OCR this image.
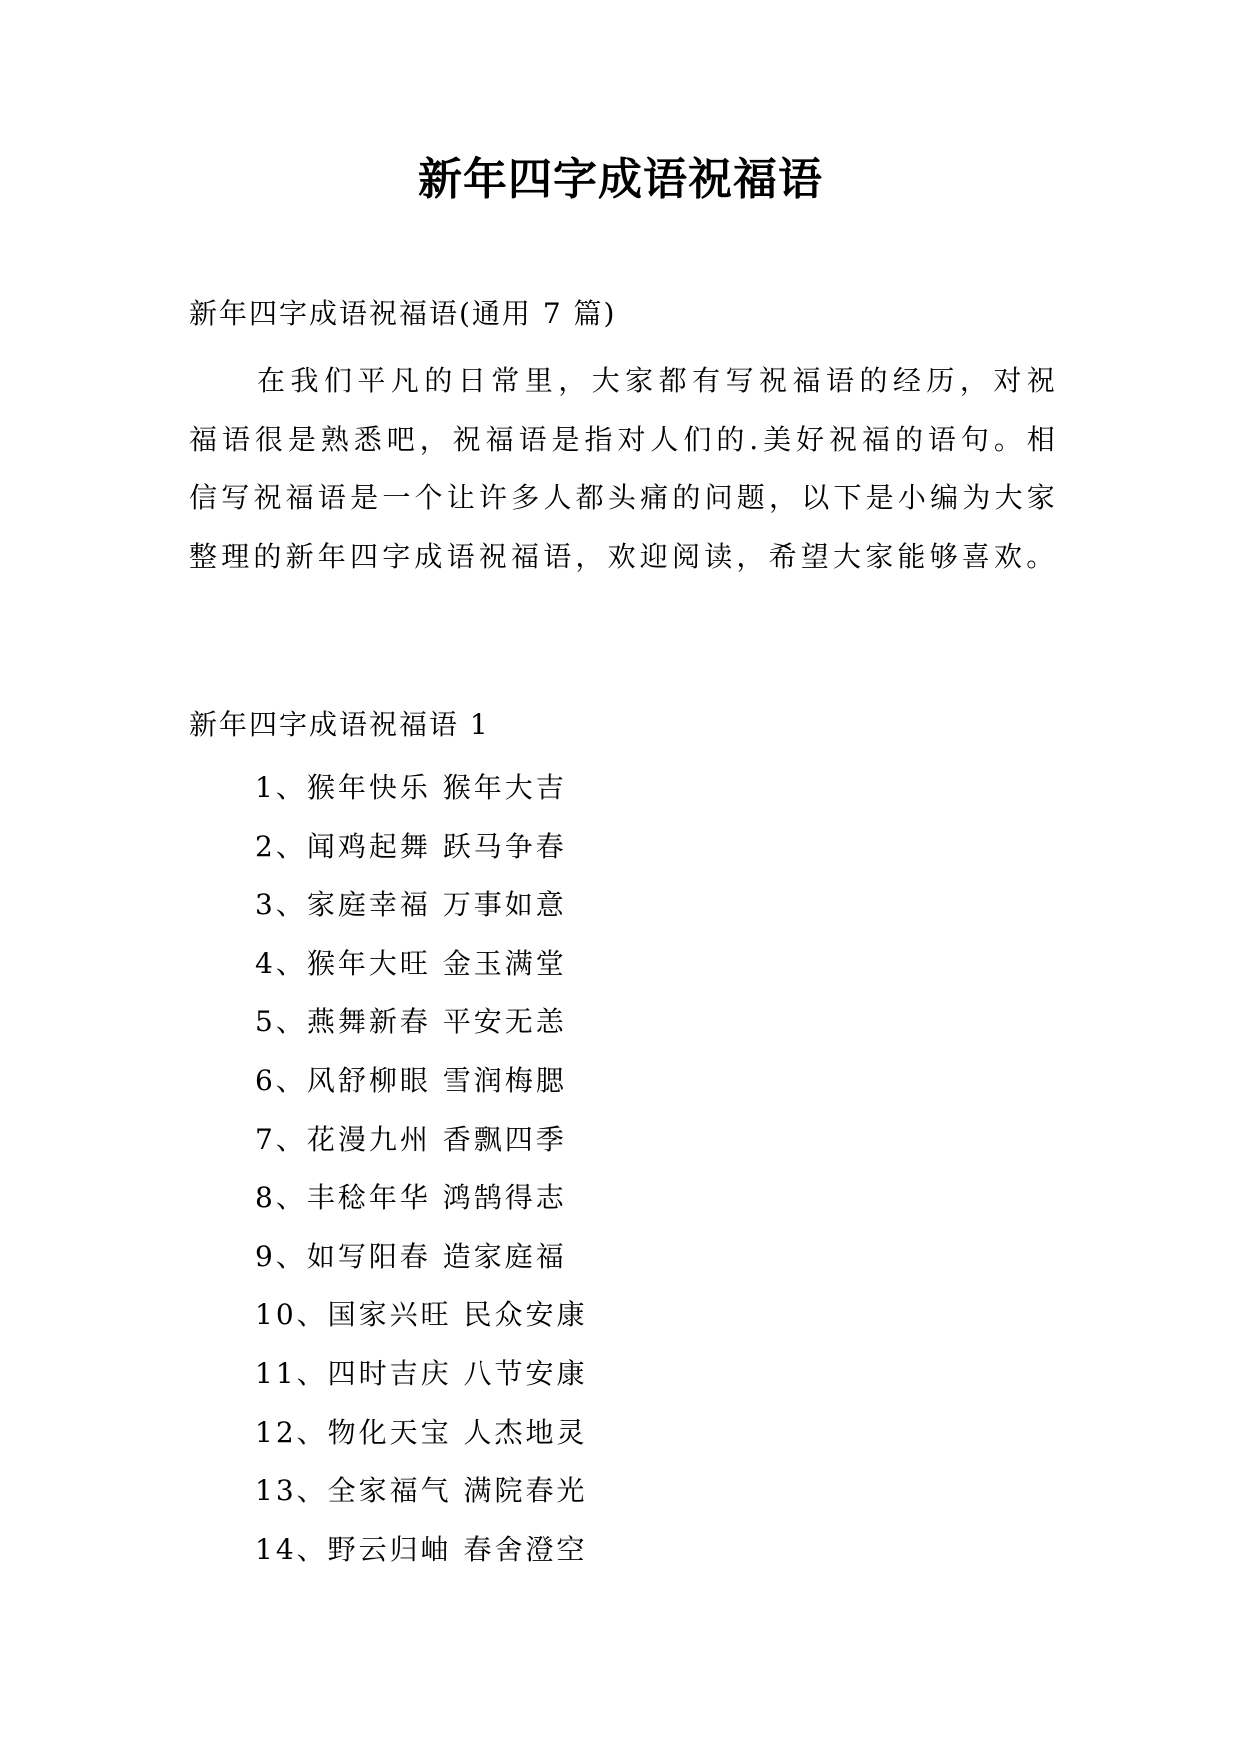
新年四字成语祝福语
新年四字成语祝福语(通用 7 篇)

在我们平凡的日常里，大家都有写祝福语的经历，对祝福语很是熟悉吧，祝福语是指对人们的.美好祝福的语句。相信写祝福语是一个让许多人都头痛的问题，以下是小编为大家整理的新年四字成语祝福语，欢迎阅读，希望大家能够喜欢。

新年四字成语祝福语 1
1、猴年快乐 猴年大吉
2、闻鸡起舞 跃马争春
3、家庭幸福 万事如意
4、猴年大旺 金玉满堂
5、燕舞新春 平安无恙
6、风舒柳眼 雪润梅腮
7、花漫九州 香飘四季
8、丰稔年华 鸿鹄得志
9、如写阳春 造家庭福
10、国家兴旺 民众安康
11、四时吉庆 八节安康
12、物化天宝 人杰地灵
13、全家福气 满院春光
14、野云归岫 春舍澄空
